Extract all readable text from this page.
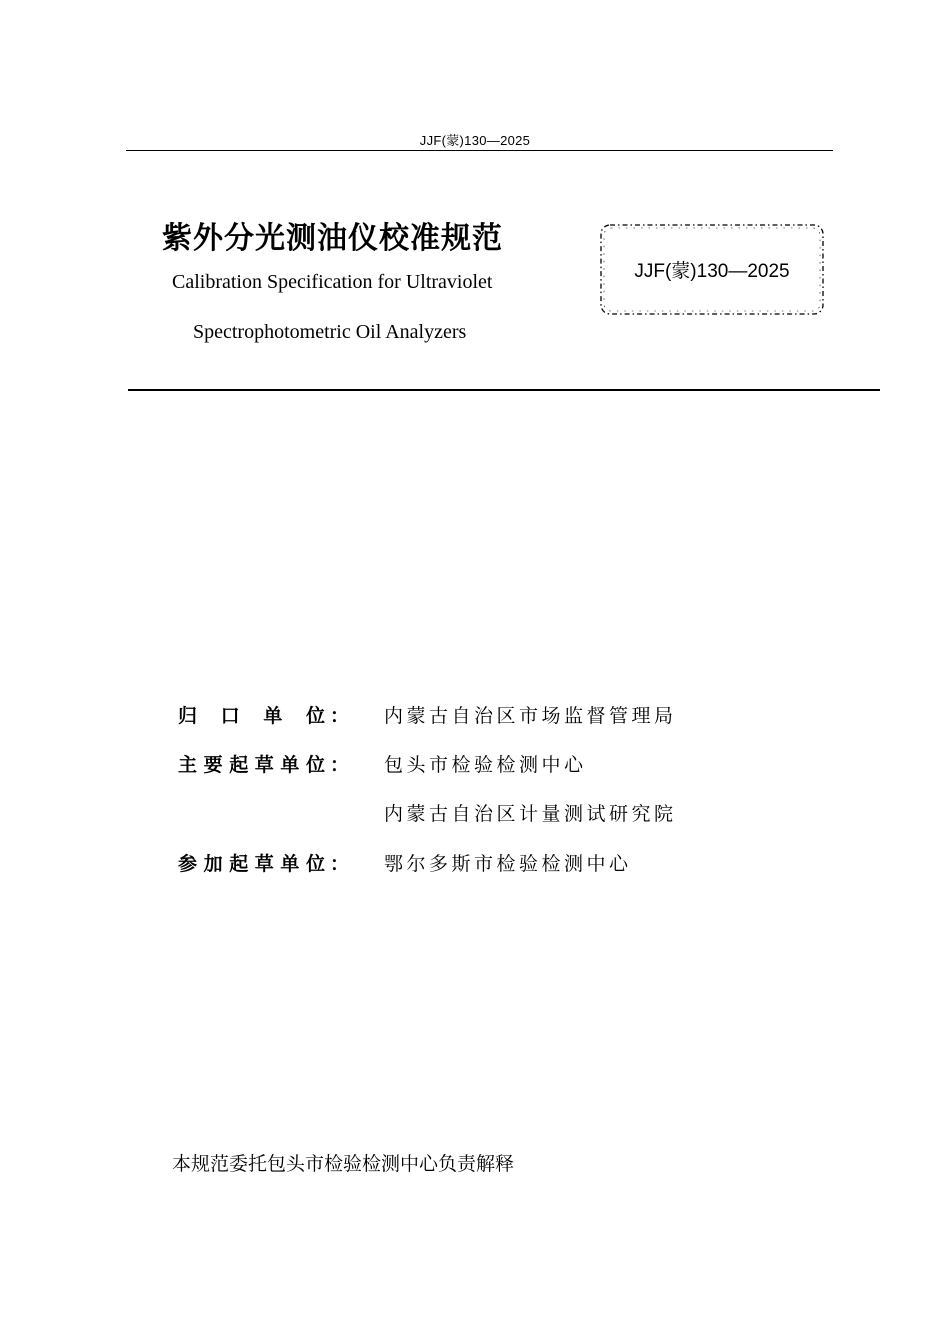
JJF(蒙)130—2025
紫外分光测油仪校准规范
Calibration Specification for Ultraviolet
Spectrophotometric Oil Analyzers
JJF(蒙)130—2025
归 口 单 位 ： 内蒙古自治区市场监督管理局
主 要 起 草 单 位 ： 包头市检验检测中心
内蒙古自治区计量测试研究院
参 加 起 草 单 位 ： 鄂尔多斯市检验检测中心
本规范委托包头市检验检测中心负责解释
